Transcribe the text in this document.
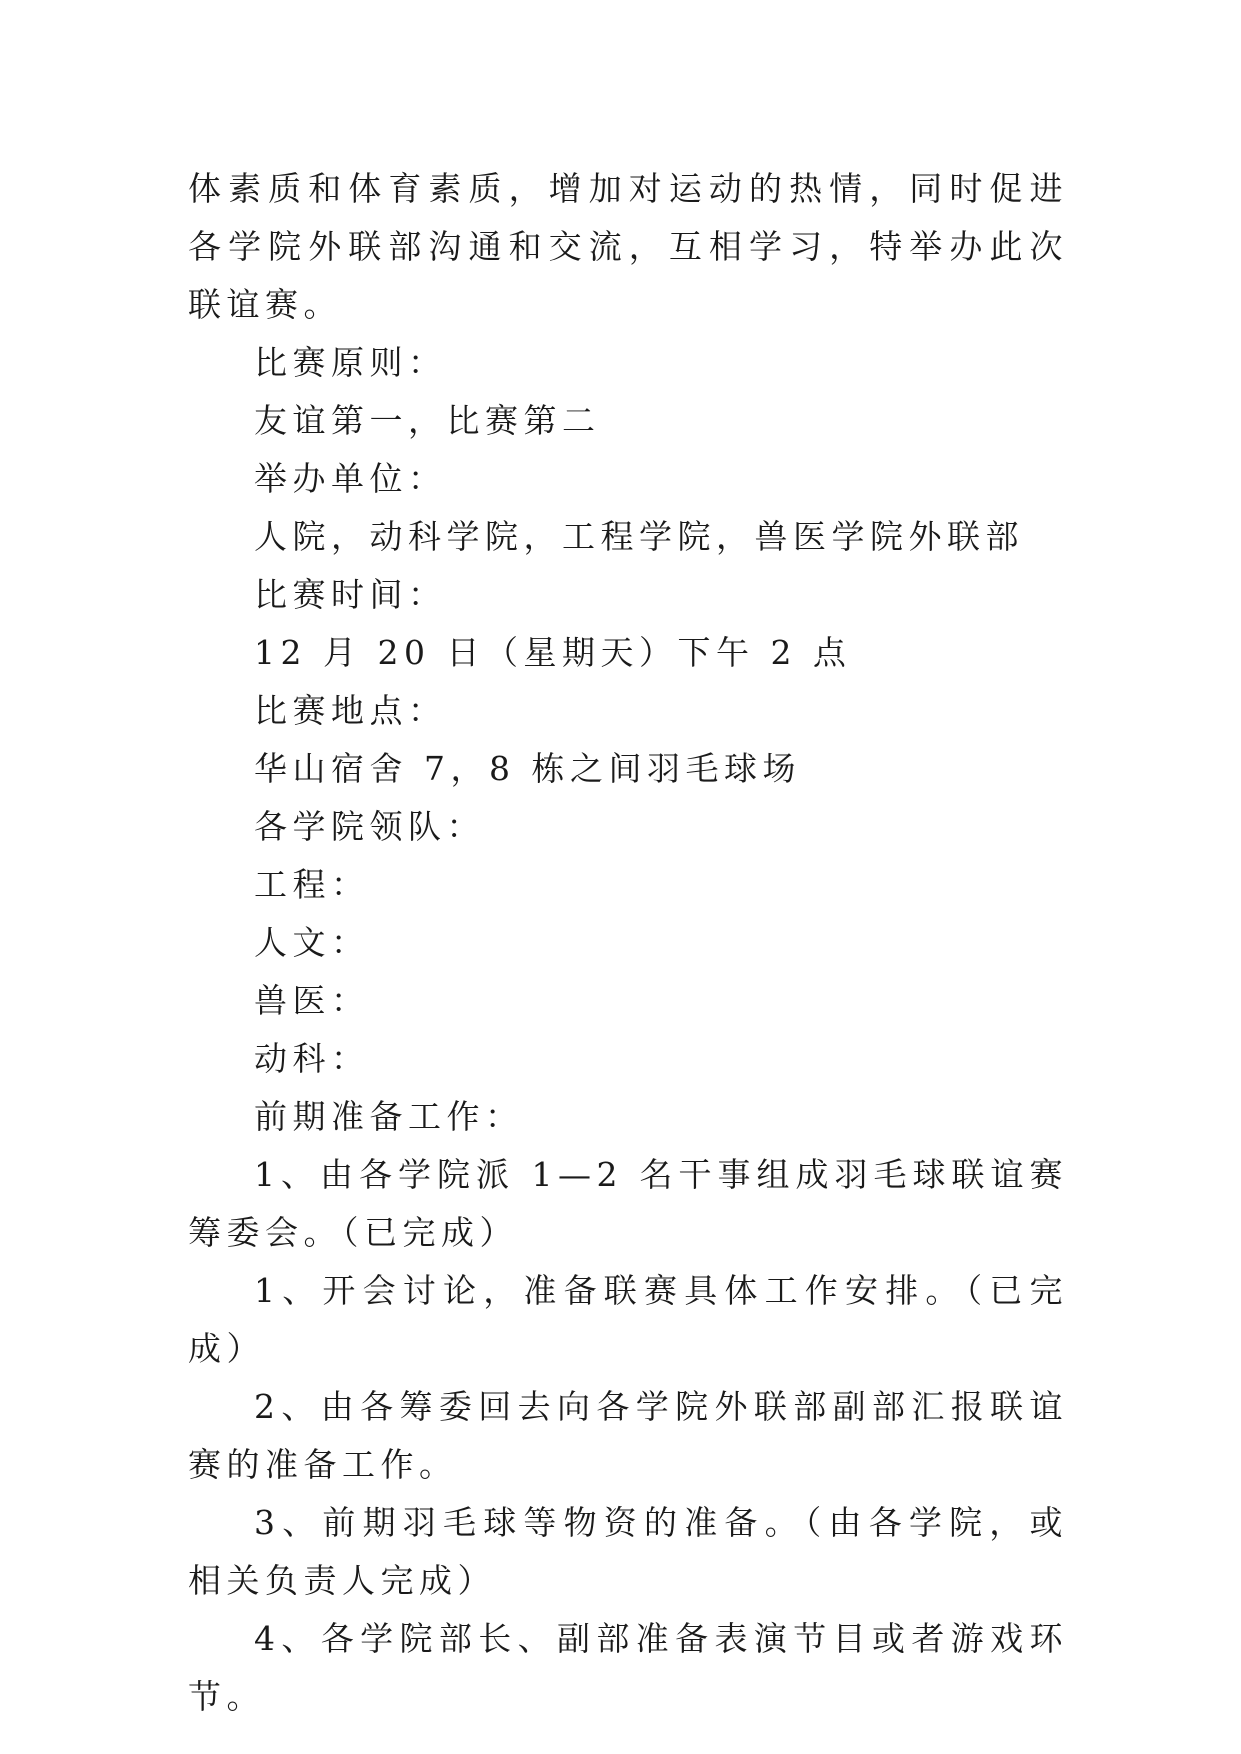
体素质和体育素质，增加对运动的热情，同时促进各学院外联部沟通和交流，互相学习，特举办此次联谊赛。

比赛原则：

友谊第一，比赛第二

举办单位：

人院，动科学院，工程学院，兽医学院外联部

比赛时间：

12 月 20 日（星期天）下午 2 点

比赛地点：

华山宿舍 7，8 栋之间羽毛球场

各学院领队：

工程：

人文：

兽医：

动科：

前期准备工作：

1、由各学院派 1—2 名干事组成羽毛球联谊赛筹委会。（已完成）

1、开会讨论，准备联赛具体工作安排。（已完成）

2、由各筹委回去向各学院外联部副部汇报联谊赛的准备工作。

3、前期羽毛球等物资的准备。（由各学院，或相关负责人完成）

4、各学院部长、副部准备表演节目或者游戏环节。
